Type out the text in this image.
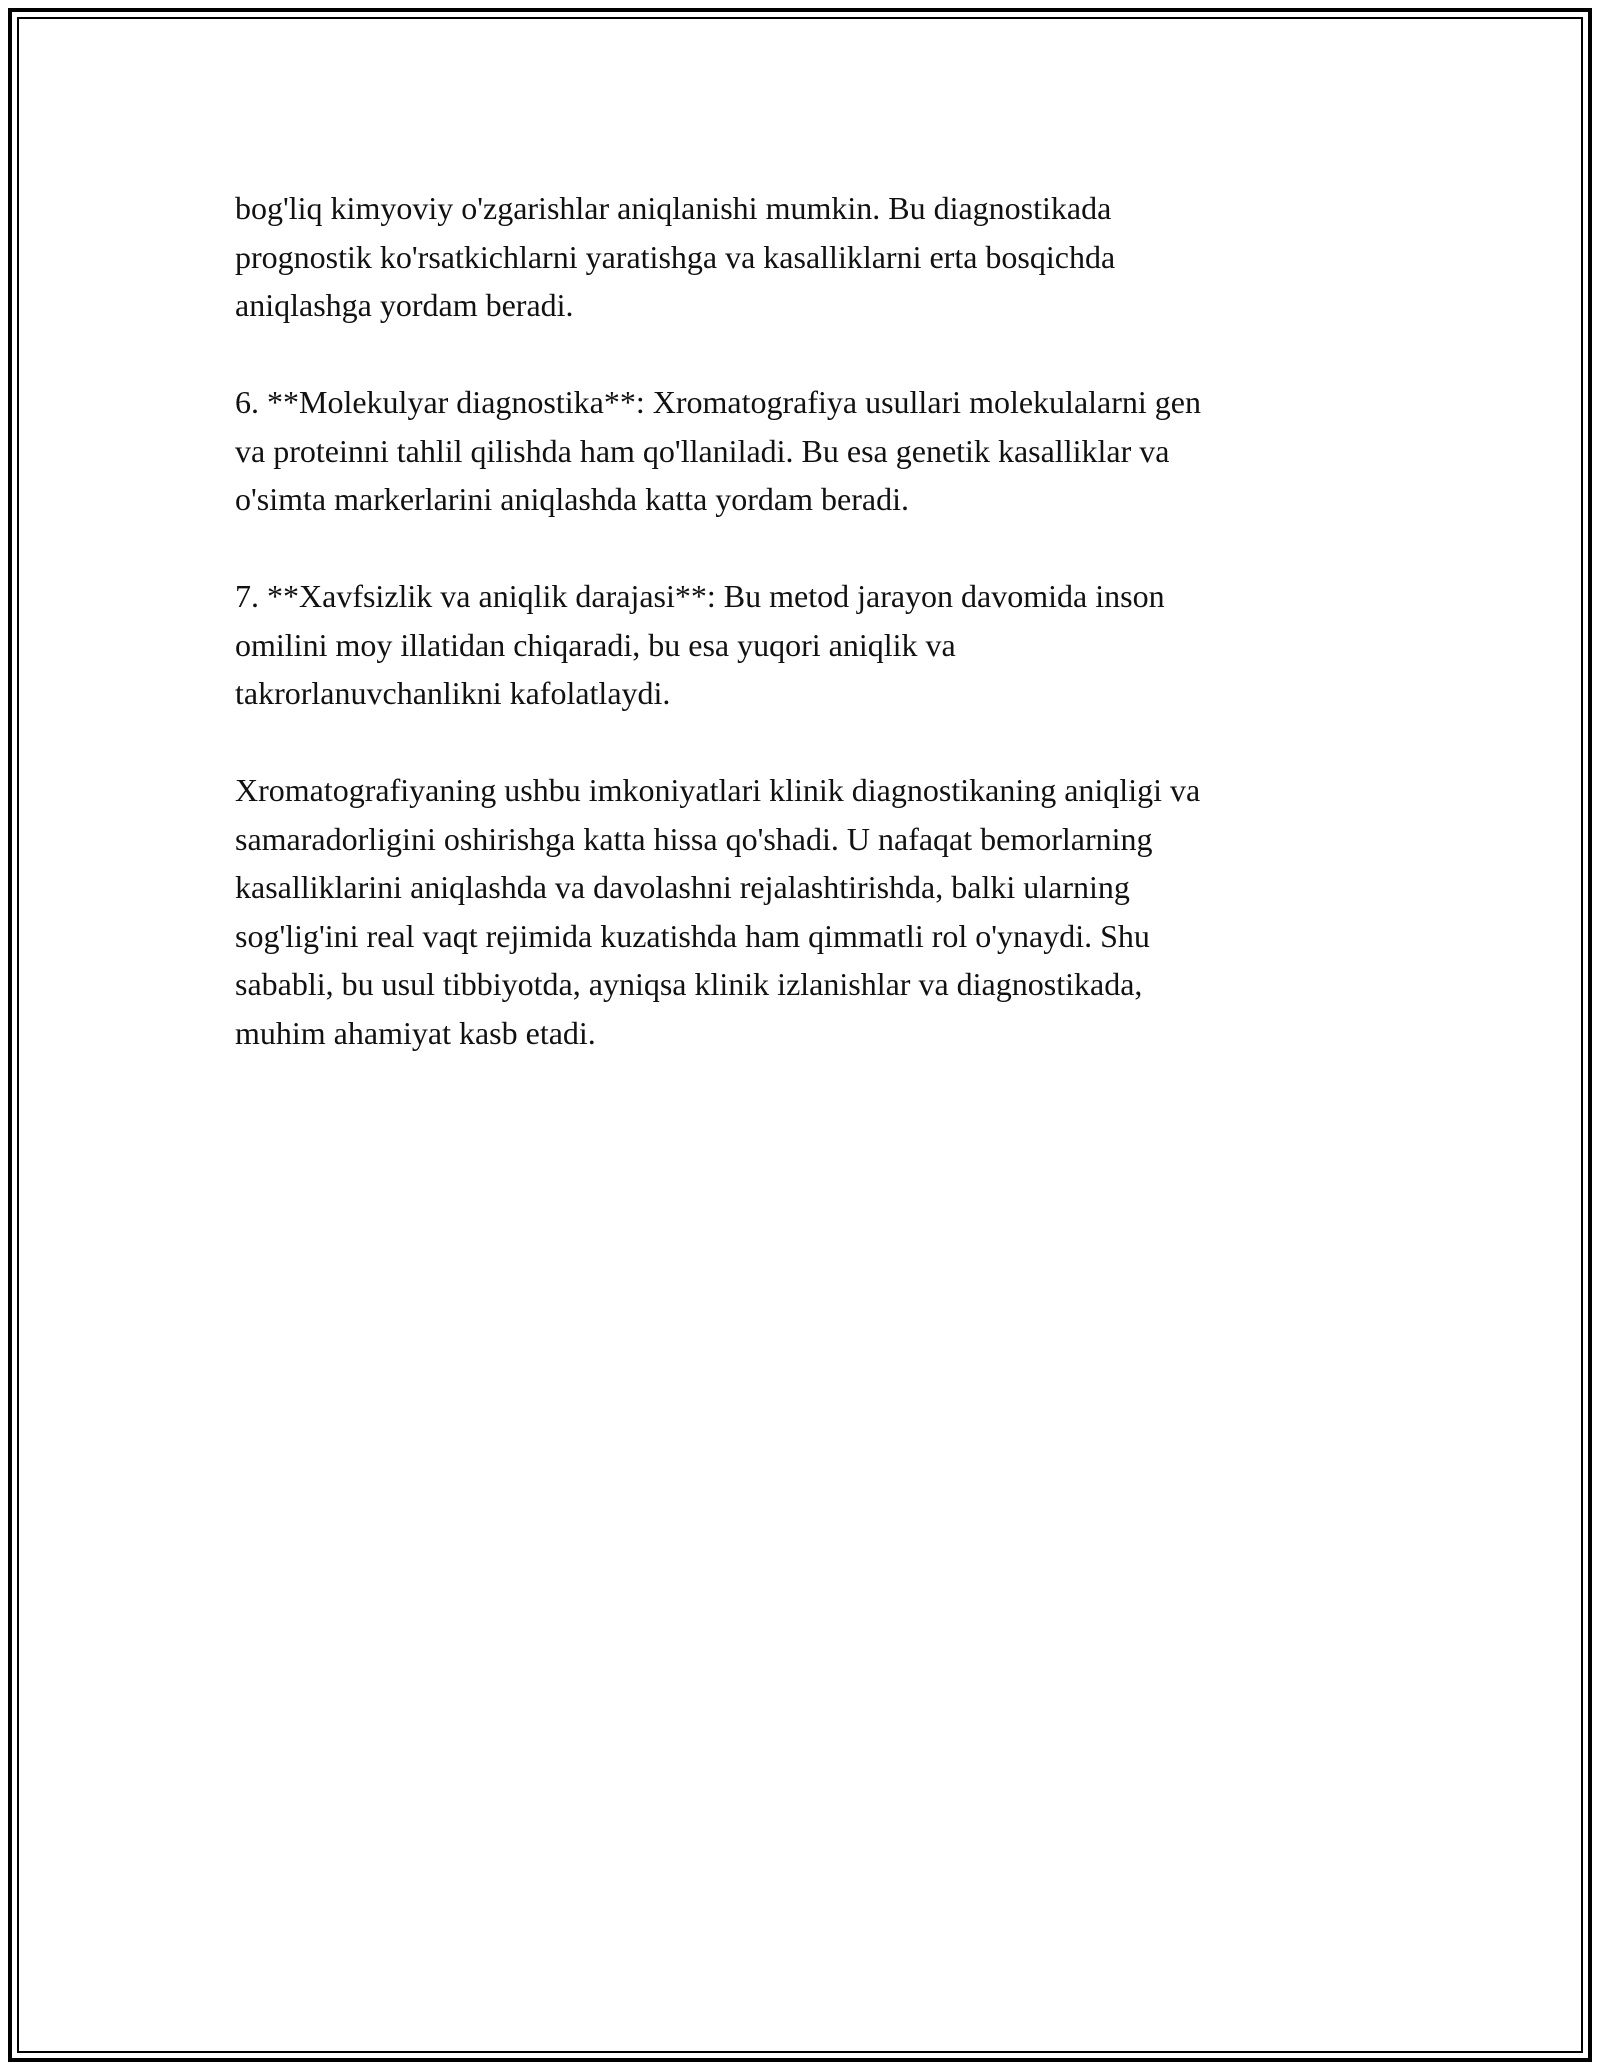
bog'liq kimyoviy o'zgarishlar aniqlanishi mumkin. Bu diagnostikada
prognostik ko'rsatkichlarni yaratishga va kasalliklarni erta bosqichda
aniqlashga yordam beradi.

6. **Molekulyar diagnostika**: Xromatografiya usullari molekulalarni gen
va proteinni tahlil qilishda ham qo'llaniladi. Bu esa genetik kasalliklar va
o'simta markerlarini aniqlashda katta yordam beradi.

7. **Xavfsizlik va aniqlik darajasi**: Bu metod jarayon davomida inson
omilini moy illatidan chiqaradi, bu esa yuqori aniqlik va
takrorlanuvchanlikni kafolatlaydi.

Xromatografiyaning ushbu imkoniyatlari klinik diagnostikaning aniqligi va
samaradorligini oshirishga katta hissa qo'shadi. U nafaqat bemorlarning
kasalliklarini aniqlashda va davolashni rejalashtirishda, balki ularning
sog'lig'ini real vaqt rejimida kuzatishda ham qimmatli rol o'ynaydi. Shu
sababli, bu usul tibbiyotda, ayniqsa klinik izlanishlar va diagnostikada,
muhim ahamiyat kasb etadi.
